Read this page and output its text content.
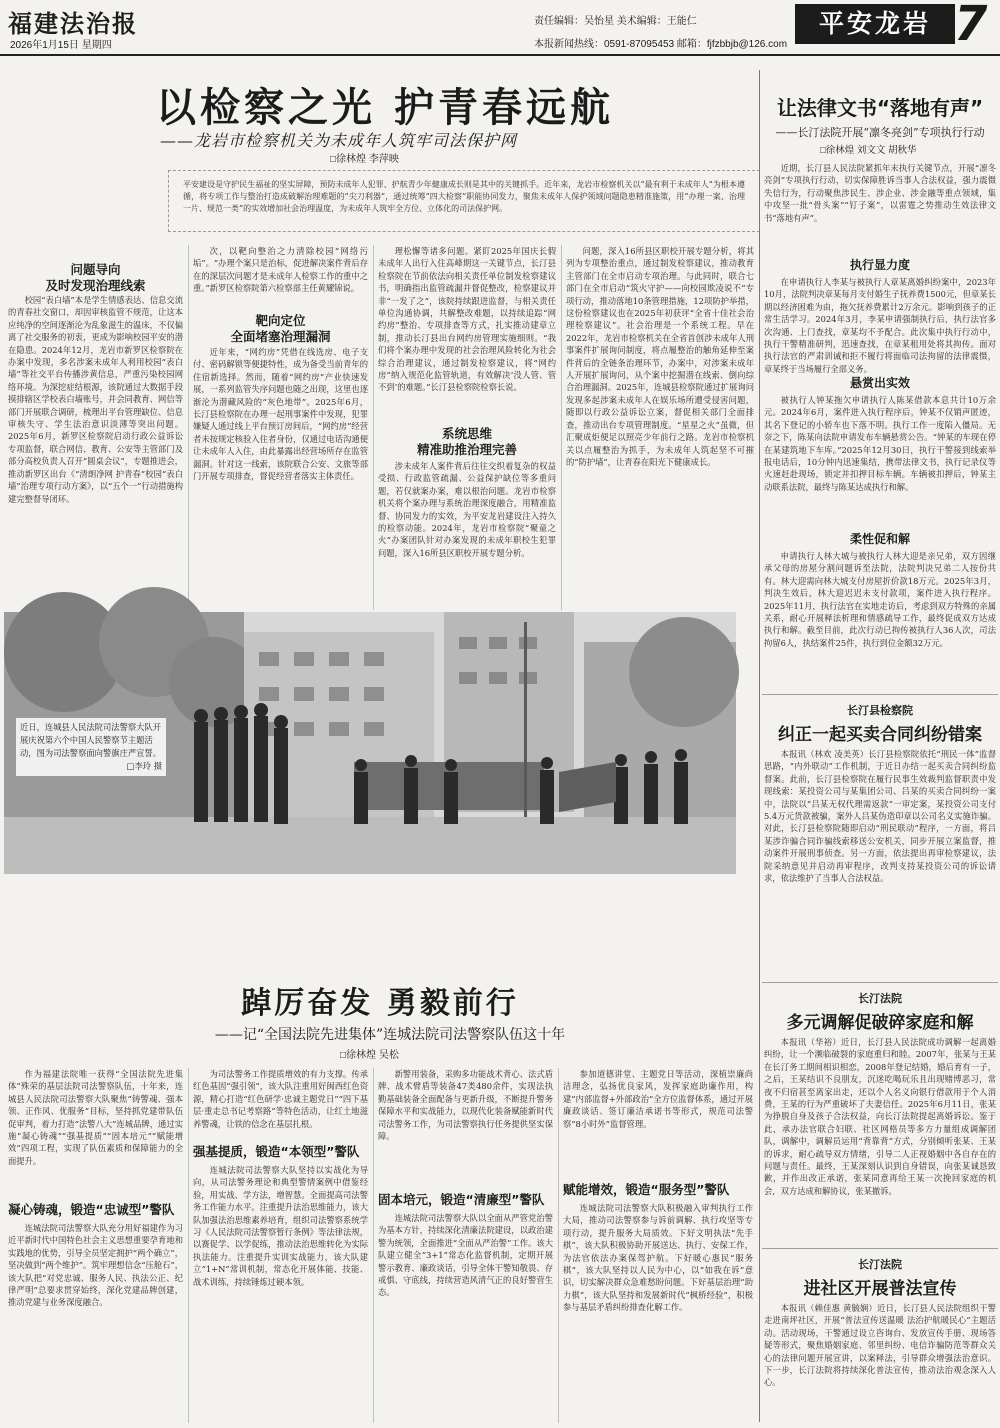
福建法治报
2026年1月15日 星期四
责任编辑：吴怡星 美术编辑：王能仁
本报新闻热线：0591-87095453 邮箱：fjfzbbjb@126.com
平安龙岩 7
以检察之光 护青春远航
——龙岩市检察机关为未成年人筑牢司法保护网
□徐林煌 李萍映
平安建设是守护民生福祉的坚实屏障，预防未成年人犯罪、护航青少年健康成长则是其中的关键抓手。近年来，龙岩市检察机关以“最有利于未成年人”为根本遵循，将专项工作与整治打造成破解治理难题的“尖刀利器”，通过统筹“四大检察”职能协同发力，聚焦未成年人保护领域问题隐患精准施策，用“办理一案、治理一片、规范一类”的实效增加社会治理温度，为未成年人筑牢全方位、立体化的司法保护网。
问题导向
及时发现治理线索
校园“表白墙”本是学生情感表达、信息交流的青春社交窗口，却因审核监管不规范，让这本应纯净的空间逐渐沦为乱象滋生的温床，不仅偏离了社交服务的初衷，更成为影响校园平安的潜在隐患。2024年12月，龙岩市新罗区检察院在办案中发现，多名涉案未成年人利用校园“表白墙”等社交平台传播涉黄信息，严重污染校园网络环境。为深挖症结根源，该院通过大数据手段摸排辖区学校表白墙账号，并会同教育、网信等部门开展联合调研，梳理出平台管理缺位、信息审核失守、学生法治意识淡薄等突出问题。2025年6月，新罗区检察院启动行政公益诉讼专项监督，联合网信、教育、公安等主管部门及部分高校负责人召开“圆桌会议”，专题推进会，推动新罗区出台《“清朗净网 护青春”校园“表白墙”治理专项行动方案》，以“五个一”行动措施构建完整督导闭环。
次，以靶向整治之力清除校园“网络污垢”。“办理个案只是治标，促进解决案件背后存在的深层次问题才是未成年人检察工作的重中之重。”新罗区检察院第六检察部主任黄耀锦说。
靶向定位
全面堵塞治理漏洞
近年来，“网约房”凭借在线选房、电子支付、密码解锁等便捷特性，成为备受当前青年的住宿新选择。然而，随着“网约房”产业快速发展，一系列监管失序问题也随之出现，这里也逐渐沦为潜藏风险的“灰色地带”。2025年6月，长汀县检察院在办理一起刑事案件中发现，犯罪嫌疑人通过线上平台预订房间后，“网约房”经营者未按规定核验入住者身份，仅通过电话沟通便让未成年人入住，由此暴露出经营场所存在监管漏洞。针对这一线索，该院联合公安、文旅等部门开展专项排查，督促经营者落实主体责任。
理松懈等诸多问题。紧盯2025年国庆长假未成年人出行入住高峰期这一关键节点，长汀县检察院在节前依法向相关责任单位制发检察建议书，明确指出监管疏漏并督促整改，检察建议并非“一发了之”，该院持续跟进监督，与相关责任单位沟通协调，共解整改难题，以持续追踪“网约房”整治、专项排查等方式，扎实推动建章立制，推动长汀县出台网约房管理实施细则。“我们将个案办理中发现的社会治理风险转化为社会综合治理建议，通过制发检察建议，将“网约房”纳入规范化监管轨道，有效解决‘没人管、管不到’的难题。”长汀县检察院检察长说。
系统思维
精准助推治理完善
涉未成年人案件背后往往交织着复杂的权益受损、行政监管疏漏、公益保护缺位等多重问题，若仅就案办案，难以根治问题。龙岩市检察机关将个案办理与系统治理深度融合，用精准监督、协同发力的实效，为平安龙岩建设注入持久的检察动能。2024年，龙岩市检察院“聚童之火”办案团队针对办案发现的未成年职校生犯罪问题，深入16所县区职校开展专题分析。
问题，深入16所县区职校开展专题分析，将其列为专项整治重点，通过制发检察建议，推动教育主管部门在全市启动专项治理。与此同时，联合七部门在全市启动“筑火守护——向校园欺凌说不”专项行动，推动落地10条管理措施，12项防护举措，这份检察建议也在2025年初获评“全省十佳社会治理检察建议”。社会治理是一个系统工程。早在2022年，龙岩市检察机关在全省首创涉未成年人刑事案件扩展询问制度，将点履整治的触角延伸至案件背后的全链条治理环节，办案中，对涉案未成年人开展扩展询问，从个案中挖掘潜在线索、倒向综合治理漏洞。2025年，连城县检察院通过扩展询问发现多起涉案未成年人在娱乐场所遭受侵害问题，随即以行政公益诉讼立案，督促相关部门全面排查，推动出台专项管理制度。“星星之火”虽微，但汇聚成炬便足以照亮少年前行之路。龙岩市检察机关以点履整治为抓手，为未成年人筑起坚不可摧的“防护墙”，让青春在阳光下健康成长。
近日，连城县人民法院司法警察大队开展庆祝第六个中国人民警察节主题活动，图为司法警察面向警旗庄严宣誓。
□李玲 摄
踔厉奋发 勇毅前行
——记“全国法院先进集体”连城法院司法警察队伍这十年
□徐林煌 吴松
作为福建法院唯一获得“全国法院先进集体”殊荣的基层法院司法警察队伍，十年来，连城县人民法院司法警察大队聚焦“铸警魂、强本领、正作风、优服务”目标，坚持抓党建带队伍促审判，着力打造“法警八大”连城品牌，通过实施“凝心铸魂”“强基提质”“固本培元”“赋能增效”四项工程，实现了队伍素质和保障能力的全面提升。
凝心铸魂，锻造“忠诚型”警队
连城法院司法警察大队充分用好福建作为习近平新时代中国特色社会主义思想重要孕育地和实践地的优势，引导全员坚定拥护“两个确立”，坚决做到“两个维护”。筑牢理想信念“压舱石”，该大队把“对党忠诚、服务人民、执法公正、纪律严明”总要求贯穿始终，深化党建品牌创建，推动党建与业务深度融合。
为司法警务工作提质增效的有力支撑。传承红色基因“强引领”，该大队注重用好闽西红色资源，精心打造“红色研学·忠诚主题党日”“四下基层·重走总书记考察路”等特色活动，让红土地滋养警魂，让铁的信念在基层扎根。
强基提质，锻造“本领型”警队
连城法院司法警察大队坚持以实战化为导向，从司法警务理论和典型警情案例中借鉴经验，用实战、学方法，增智慧。全面提高司法警务工作能力水平。注重提升法治思维能力，该大队加强法治思维素养培育，组织司法警察系统学习《人民法院司法警察暂行条例》等法律法规，以赛促学、以学促练，推动法治思维转化为实际执法能力。注重提升实训实战能力，该大队建立“1+N”常训机制，常态化开展体能、技能、战术训练，持续锤炼过硬本领。
新警用装备，采购多功能战术背心、法式盾牌、战术臂盾等装备47类480余件，实现法执勤基础装备全面配备与更新升级，不断提升警务保障水平和实战能力，以现代化装备赋能新时代司法警务工作，为司法警察执行任务提供坚实保障。
固本培元，锻造“清廉型”警队
连城法院司法警察大队以全面从严管党治警为基本方针，持续深化清廉法院建设，以政治建警为统领，全面推进“全面从严治警”工作。该大队建立健全“3+1”常态化监督机制，定期开展警示教育、廉政谈话，引导全体干警知敬畏、存戒惧、守底线，持续营造风清气正的良好警营生态。
参加道德讲堂、主题党日等活动，深植崇廉尚洁理念，弘扬优良家风，发挥家庭助廉作用，构建“内部监督+外部政治”全方位监督体系，通过开展廉政谈话、签订廉洁承诺书等形式，规范司法警察“8小时外”监督管理。
赋能增效，锻造“服务型”警队
连城法院司法警察大队积极融入审判执行工作大局，推动司法警察参与诉前调解、执行攻坚等专项行动，提升服务大局质效。下好文明执法“先手棋”，该大队积极协助开展送达、执行、安保工作，为法官依法办案保驾护航。下好暖心惠民“服务棋”，该大队坚持以人民为中心，以“如我在诉”意识，切实解决群众急难愁盼问题。下好基层治理“助力棋”，该大队坚持和发展新时代“枫桥经验”，积极参与基层矛盾纠纷排查化解工作。
让法律文书“落地有声”
——长汀法院开展“凛冬亮剑”专项执行行动
□徐林煌 刘文文 胡秋华
近期，长汀县人民法院紧抓年末执行关键节点，开展“凛冬亮剑”专项执行行动，切实保障胜诉当事人合法权益，强力震慑失信行为，行动聚焦涉民生、涉企业、涉金融等重点领域，集中攻坚一批“骨头案”“钉子案”，以雷霆之势推动生效法律文书“落地有声”。
执行显力度
在申请执行人李某与被执行人章某离婚纠纷案中，2023年10月，法院判决章某每月支付婚生子抚养费1500元，但章某长期以经济困难为由，拖欠抚养费累计2万余元。影响到孩子的正常生活学习。2024年3月，李某申请强制执行后，执行法官多次沟通、上门查找，章某均不予配合。此次集中执行行动中，执行干警精准研判，迅速查找，在章某租用处将其拘传。面对执行法官的严肃训诫和拒不履行将面临司法拘留的法律震慑，章某终于当场履行全部义务。
悬赏出实效
被执行人钟某拖欠申请执行人陈某借款本息共计10万余元。2024年6月，案件进入执行程序后，钟某不仅销声匿迹，其名下登记的小轿车也下落不明。执行工作一度陷入僵局。无奈之下，陈某向法院申请发布车辆悬赏公告。“钟某的车现在停在某建筑地下车库。”2025年12月30日，执行干警接到线索举报电话后，10分钟内迅速集结，携带法律文书，执行记录仪等火速赶赴现场，锁定并扣押目标车辆。车辆被扣押后，钟某主动联系法院，最终与陈某达成执行和解。
柔性促和解
申请执行人林大城与被执行人林大迎是亲兄弟，双方因继承父母的房屋分割问题诉至法院，法院判决兄弟二人按份共有。林大迎需向林大城支付房屋折价款18万元。2025年3月，判决生效后，林大迎迟迟未支付款项，案件进入执行程序。2025年11月，执行法官在实地走访后，考虑到双方特殊的亲属关系，耐心开展释法析理和情感疏导工作，最终促成双方达成执行和解。截至目前，此次行动已拘传被执行人36人次，司法拘留6人，执结案件25件，执行到位金额32万元。
长汀县检察院
纠正一起买卖合同纠纷错案
本报讯（林欢 凌美英）长汀县检察院依托“刑民一体”监督思路，“内外联动”工作机制，于近日办结一起买卖合同纠纷监督案。此前，长汀县检察院在履行民事生效裁判监督职责中发现线索：某投资公司与某集团公司、吕某的买卖合同纠纷一案中，法院以“吕某无权代理需返款”一审定案，某投资公司支付5.4万元货款被骗，案外人吕某伪造印章以公司名义实施诈骗。对此，长汀县检察院随即启动“刑民联动”程序，一方面，将吕某涉诈骗合同诈骗线索移送公安机关，同步开展立案监督，推动案件开展刑事侦查。另一方面，依法提出再审检察建议，法院采纳意见并启动再审程序，改判支持某投资公司的诉讼请求，依法维护了当事人合法权益。
长汀法院
多元调解促破碎家庭和解
本报讯（华裕）近日，长汀县人民法院成功调解一起离婚纠纷，让一个濒临破裂的家庭重归和睦。2007年，张某与王某在长汀务工期间相识相恋，2008年登记结婚，婚后育有一子，之后，王某结识不良朋友，沉迷吃喝玩乐且出现赌博恶习，常夜不归宿甚至离家出走，还以个人名义向银行借款用于个人消费，王某的行为严重破坏了夫妻信任。2025年6月11日，张某为挣脱自身及孩子合法权益，向长汀法院提起离婚诉讼。鉴于此，承办法官联合妇联、社区网格员等多方力量组成调解团队，调解中，调解员运用“背靠背”方式，分别倾听张某、王某的诉求，耐心疏导双方情绪，引导二人正视婚姻中各自存在的问题与责任。最终，王某深刻认识到自身错误，向张某诚恳致歉，并作出改正承诺，张某同意再给王某一次挽回家庭的机会，双方达成和解协议，张某撤诉。
长汀法院
进社区开展普法宣传
本报讯（赖佳惠 黄毓娴）近日，长汀县人民法院组织干警走进南坪社区，开展“普法宣传送温暖 法治护航暖民心”主题活动。活动现场，干警通过设立咨询台、发放宣传手册、现场答疑等形式，聚焦婚姻家庭、邻里纠纷、电信诈骗防范等群众关心的法律问题开展宣讲，以案释法，引导群众增强法治意识。下一步，长汀法院将持续深化普法宣传，推动法治观念深入人心。
